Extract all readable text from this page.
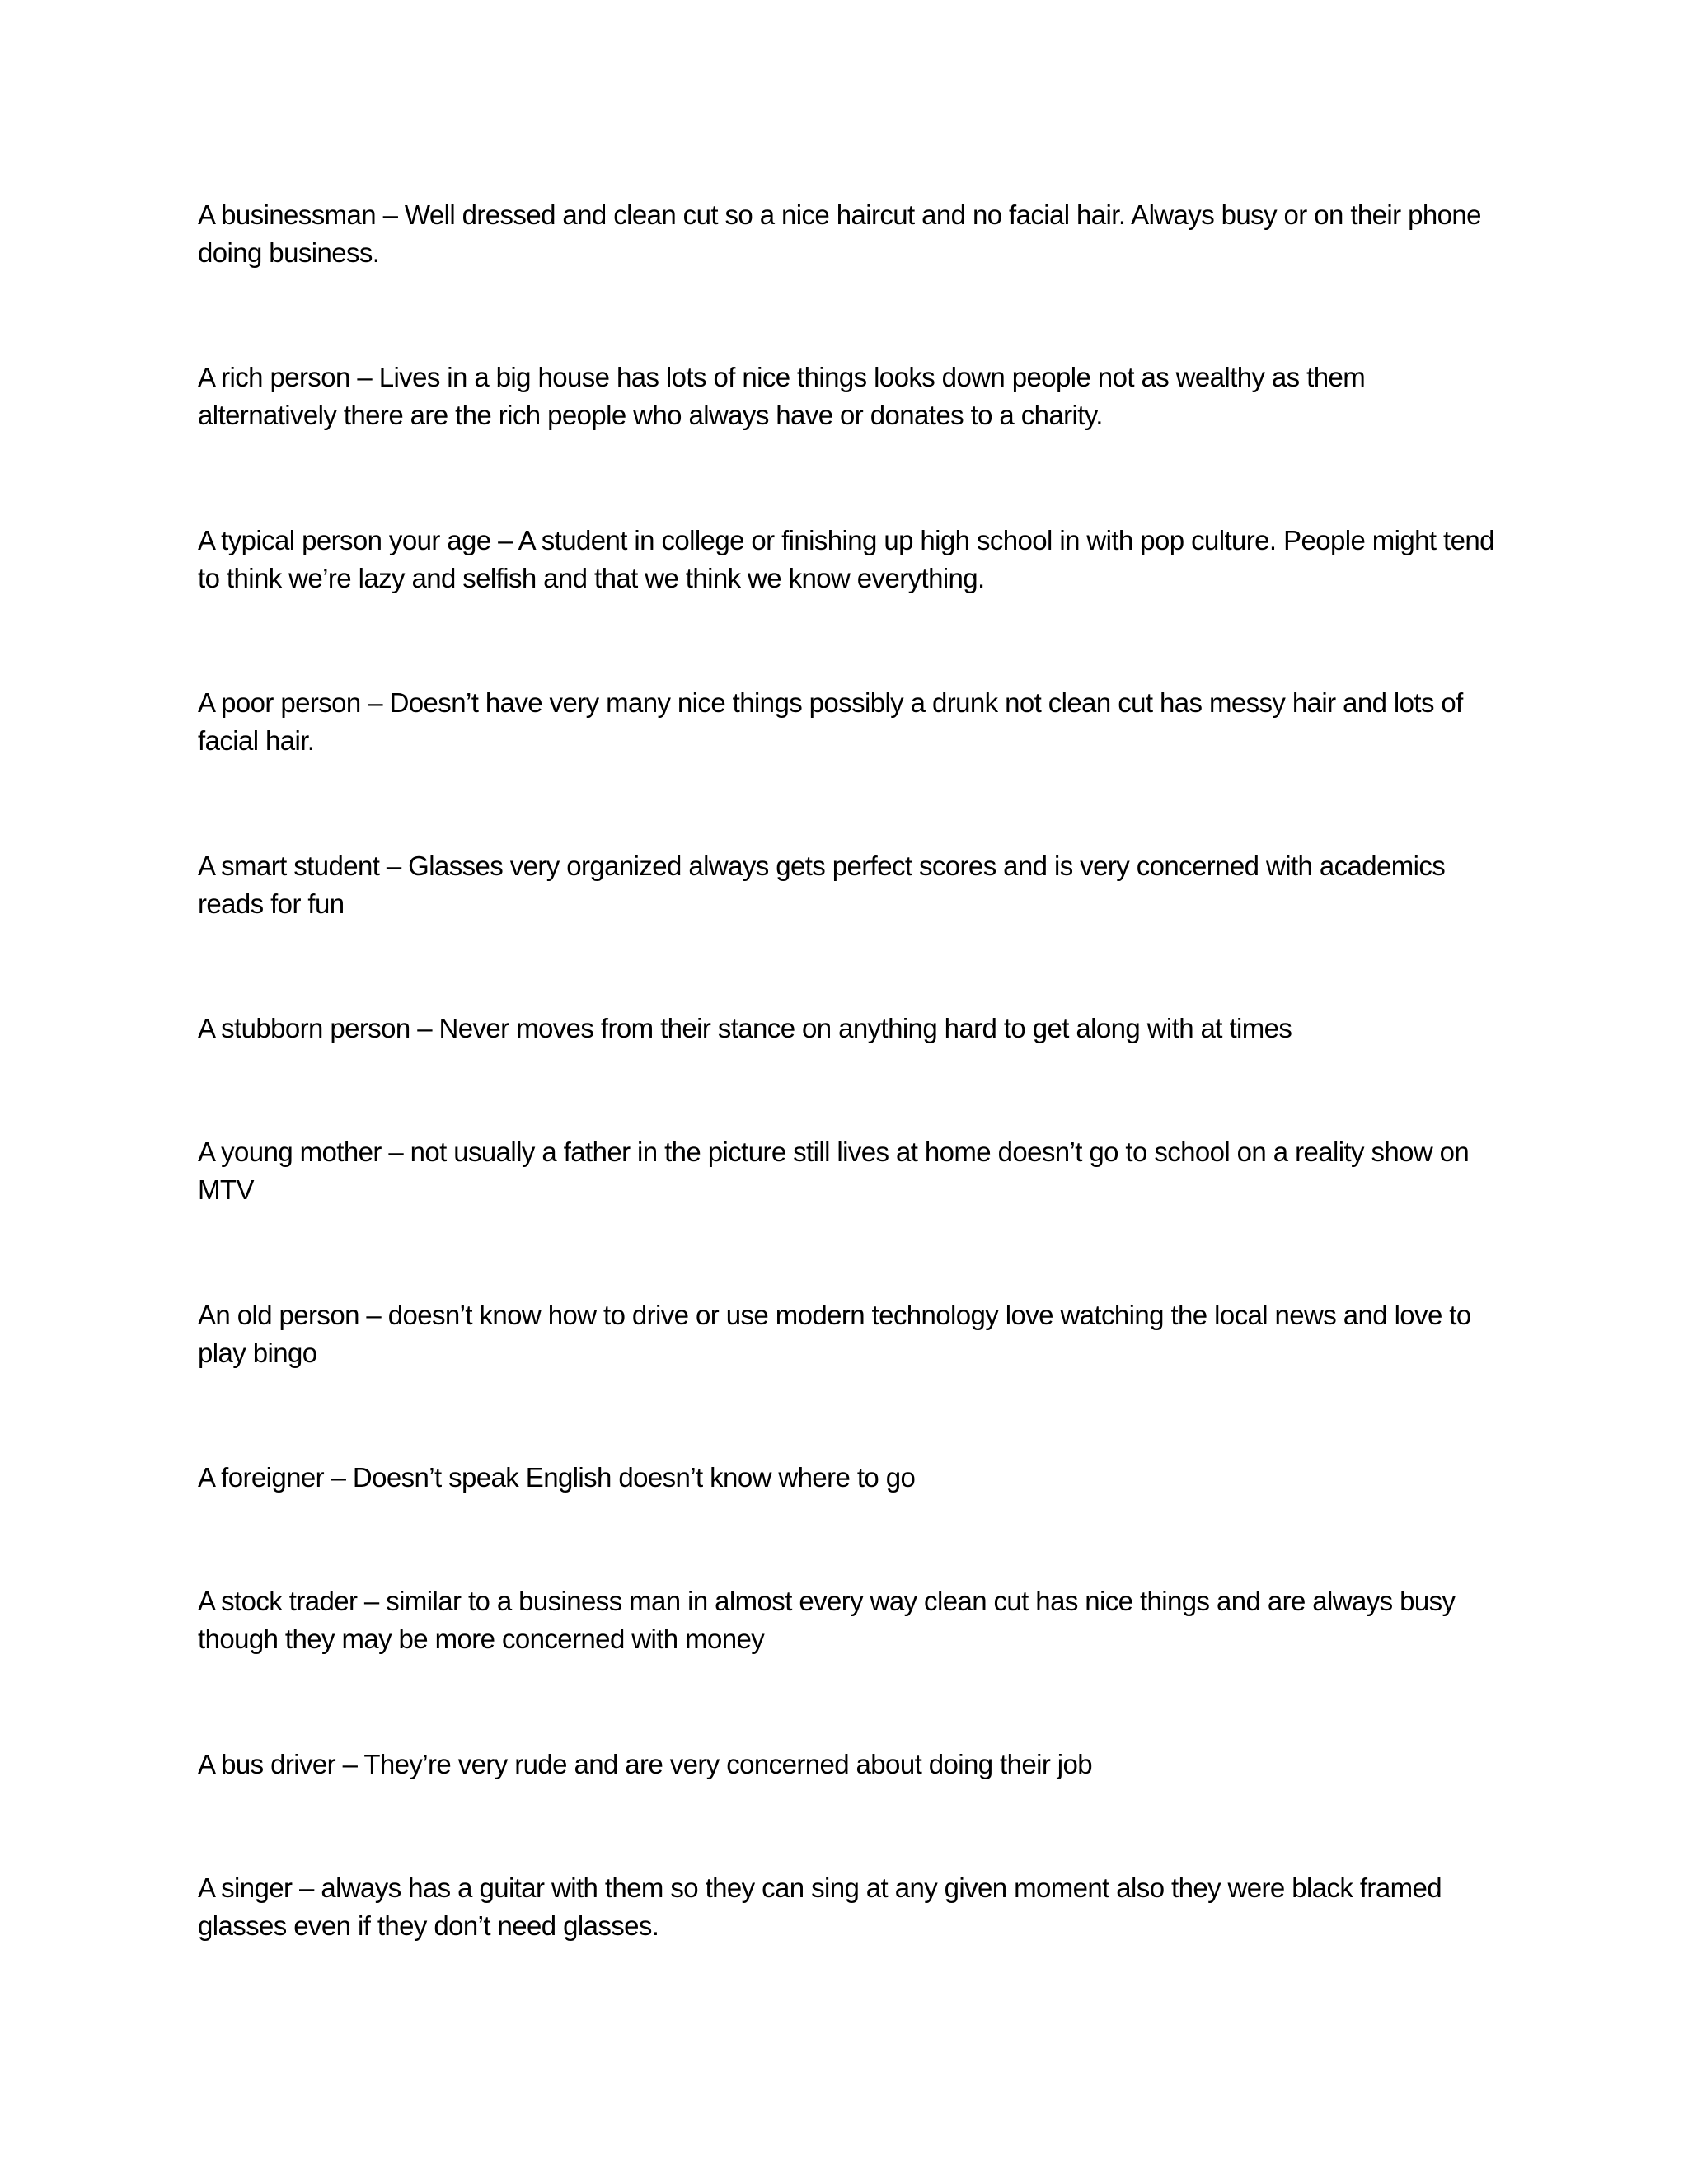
A businessman – Well dressed and clean cut so a nice haircut and no facial hair. Always busy or on their phone doing business.

A rich person – Lives in a big house has lots of nice things looks down people not as wealthy as them alternatively there are the rich people who always have or donates to a charity.

A typical person your age – A student in college or finishing up high school in with pop culture. People might tend to think we’re lazy and selfish and that we think we know everything.

A poor person – Doesn’t have very many nice things possibly a drunk not clean cut has messy hair and lots of facial hair.

A smart student – Glasses very organized always gets perfect scores and is very concerned with academics reads for fun

A stubborn person – Never moves from their stance on anything hard to get along with at times

A young mother – not usually a father in the picture still lives at home doesn’t go to school on a reality show on MTV

An old person – doesn’t know how to drive or use modern technology love watching the local news and love to play bingo

A foreigner – Doesn’t speak English doesn’t know where to go

A stock trader – similar to a business man in almost every way clean cut has nice things and are always busy though they may be more concerned with money

A bus driver – They’re very rude and are very concerned about doing their job

A singer – always has a guitar with them so they can sing at any given moment also they were black framed glasses even if they don’t need glasses.
